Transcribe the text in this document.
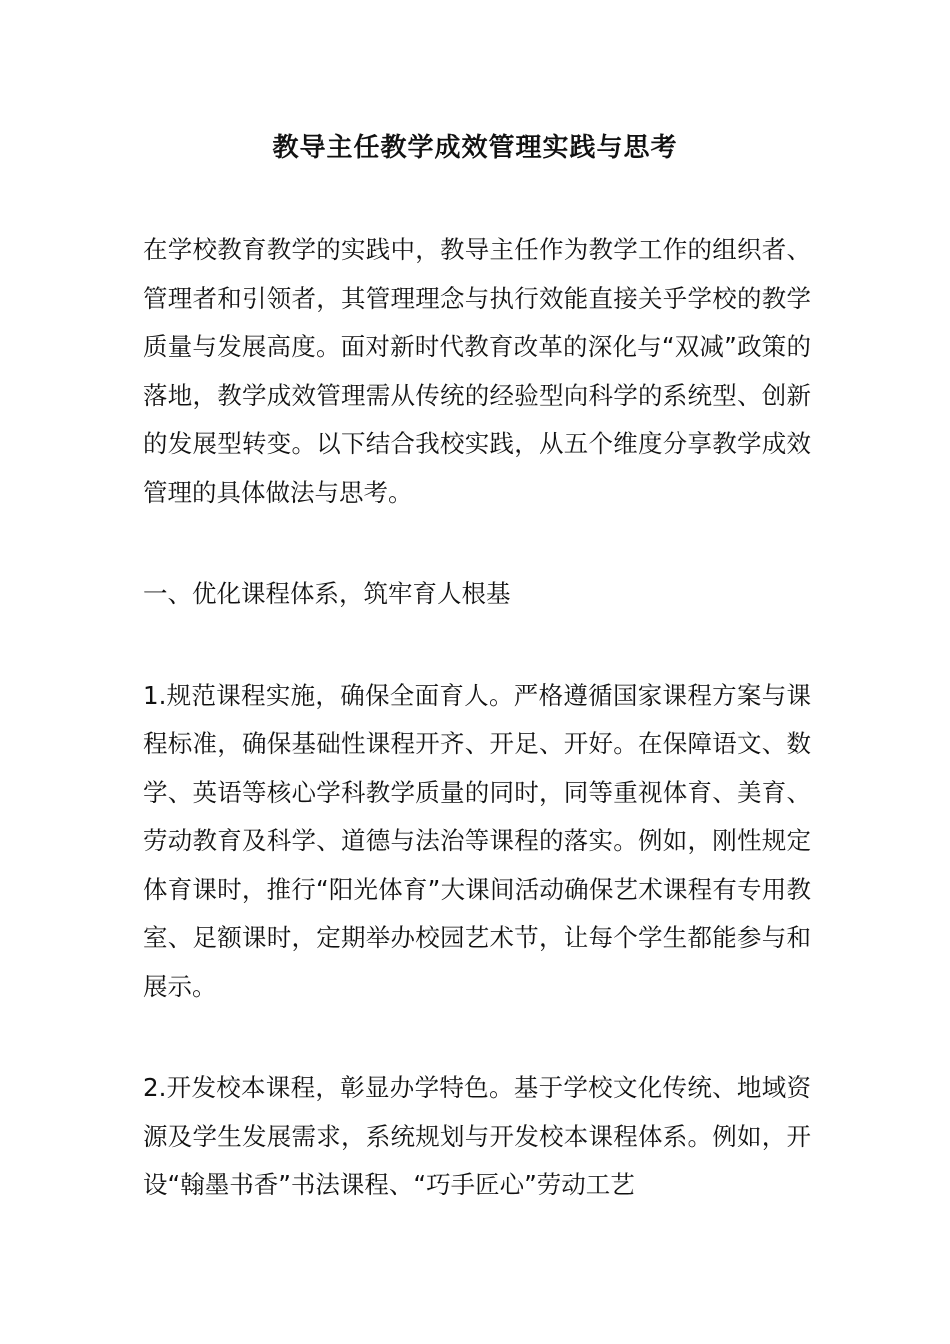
教导主任教学成效管理实践与思考

在学校教育教学的实践中，教导主任作为教学工作的组织者、管理者和引领者，其管理理念与执行效能直接关乎学校的教学质量与发展高度。面对新时代教育改革的深化与“双减”政策的落地，教学成效管理需从传统的经验型向科学的系统型、创新的发展型转变。以下结合我校实践，从五个维度分享教学成效管理的具体做法与思考。

一、优化课程体系，筑牢育人根基

1.规范课程实施，确保全面育人。严格遵循国家课程方案与课程标准，确保基础性课程开齐、开足、开好。在保障语文、数学、英语等核心学科教学质量的同时，同等重视体育、美育、劳动教育及科学、道德与法治等课程的落实。例如，刚性规定体育课时，推行“阳光体育”大课间活动确保艺术课程有专用教室、足额课时，定期举办校园艺术节，让每个学生都能参与和展示。

2.开发校本课程，彰显办学特色。基于学校文化传统、地域资源及学生发展需求，系统规划与开发校本课程体系。例如，开设“翰墨书香”书法课程、“巧手匠心”劳动工艺
